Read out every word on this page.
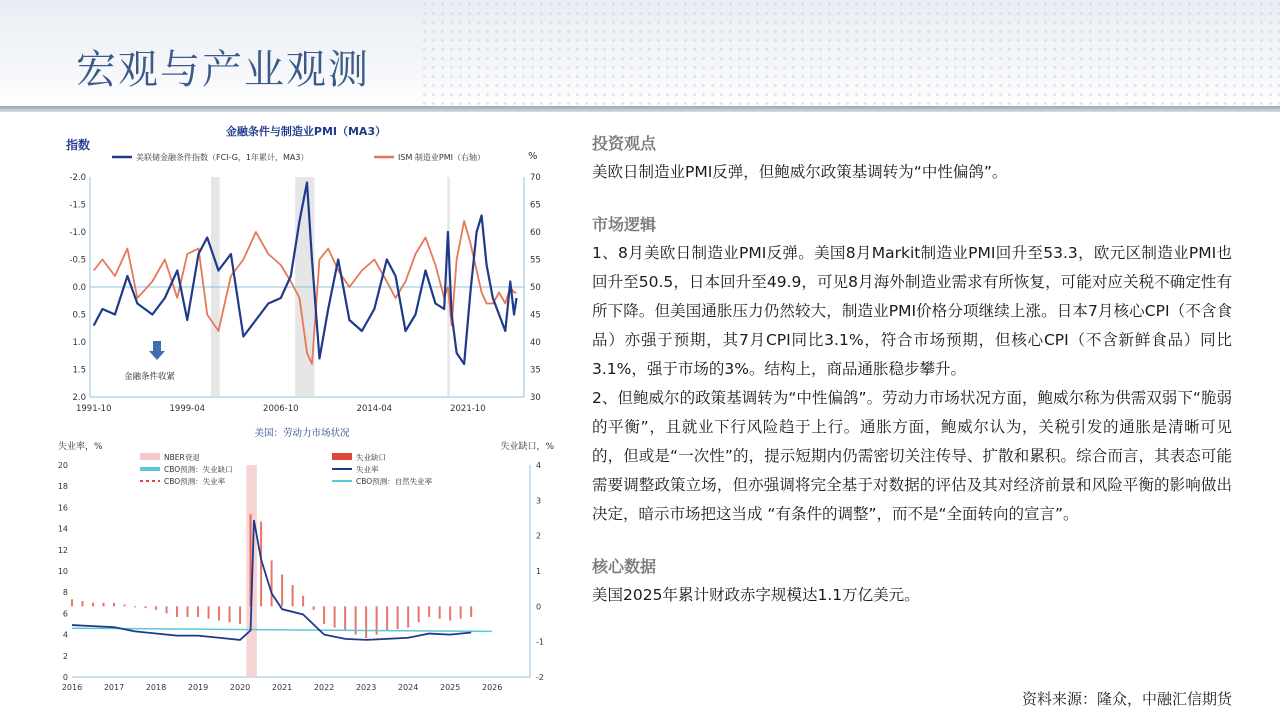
宏观与产业观测
金融条件与制造业PMI（MA3）
指数
%
美联储金融条件指数（FCI-G，1年累计，MA3）	ISM 制造业PMI（右轴）
-2.0
-1.5
-1.0
-0.5
0.0
0.5
1.0
1.5
2.0
70
65
60
55
50
45
40
35
30
1991-10	1999-04	2006-10	2014-04	2021-10
金融条件收紧
美国：劳动力市场状况
失业率，%	失业缺口，%
NBER衰退	失业缺口
CBO预测：失业缺口	失业率
CBO预测：失业率	CBO预测：自然失业率
20
18
16
14
12
10
8
6
4
2
0
4
3
2
1
0
-1
-2
2016	2017	2018	2019	2020	2021	2022	2023	2024	2025	2026
投资观点

美欧日制造业PMI反弹，但鲍威尔政策基调转为“中性偏鸽”。

市场逻辑

1、8月美欧日制造业PMI反弹。美国8月Markit制造业PMI回升至53.3，欧元区制造业PMI也回升至50.5，日本回升至49.9，可见8月海外制造业需求有所恢复，可能对应关税不确定性有所下降。但美国通胀压力仍然较大，制造业PMI价格分项继续上涨。日本7月核心CPI（不含食品）亦强于预期，其7月CPI同比3.1%，符合市场预期，但核心CPI（不含新鲜食品）同比3.1%，强于市场的3%。结构上，商品通胀稳步攀升。

2、但鲍威尔的政策基调转为“中性偏鸽”。劳动力市场状况方面，鲍威尔称为供需双弱下“脆弱的平衡”，且就业下行风险趋于上行。通胀方面，鲍威尔认为，关税引发的通胀是清晰可见的，但或是“一次性”的，提示短期内仍需密切关注传导、扩散和累积。综合而言，其表态可能需要调整政策立场，但亦强调将完全基于对数据的评估及其对经济前景和风险平衡的影响做出决定，暗示市场把这当成 “有条件的调整”，而不是“全面转向的宣言”。

核心数据

美国2025年累计财政赤字规模达1.1万亿美元。

资料来源：隆众，中融汇信期货
